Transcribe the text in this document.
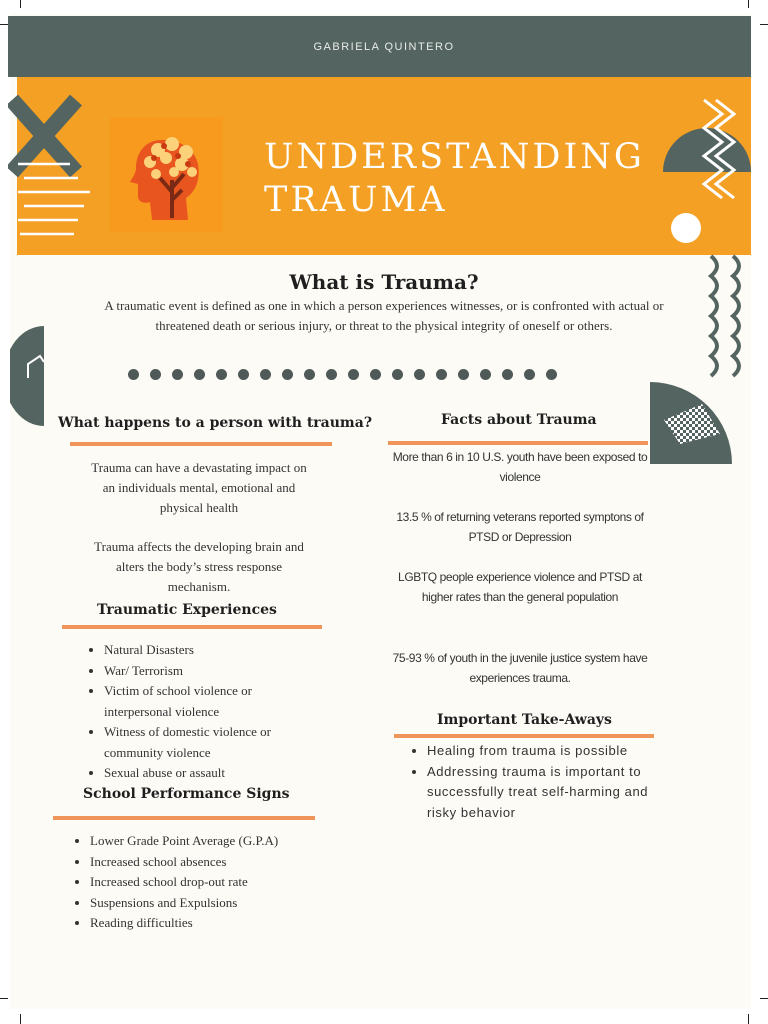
GABRIELA QUINTERO
UNDERSTANDING
TRAUMA
What is Trauma?
A traumatic event is defined as one in which a person experiences witnesses, or is confronted with actual or threatened death or serious injury, or threat to the physical integrity of oneself or others.
What happens to a person with trauma?
Trauma can have a devastating impact on an individuals mental, emotional and physical health
Trauma affects the developing brain and alters the body’s stress response mechanism.
Traumatic Experiences
• Natural Disasters
• War/ Terrorism
• Victim of school violence or interpersonal violence
• Witness of domestic violence or community violence
• Sexual abuse or assault
School Performance Signs
• Lower Grade Point Average (G.P.A)
• Increased school absences
• Increased school drop-out rate
• Suspensions and Expulsions
• Reading difficulties
Facts about Trauma
More than 6 in 10 U.S. youth have been exposed to violence
13.5 % of returning veterans reported symptons of PTSD or Depression
LGBTQ people experience violence and PTSD at higher rates than the general population
75-93 % of youth in the juvenile justice system have experiences trauma.
Important Take-Aways
• Healing from trauma is possible
• Addressing trauma is important to successfully treat self-harming and risky behavior
